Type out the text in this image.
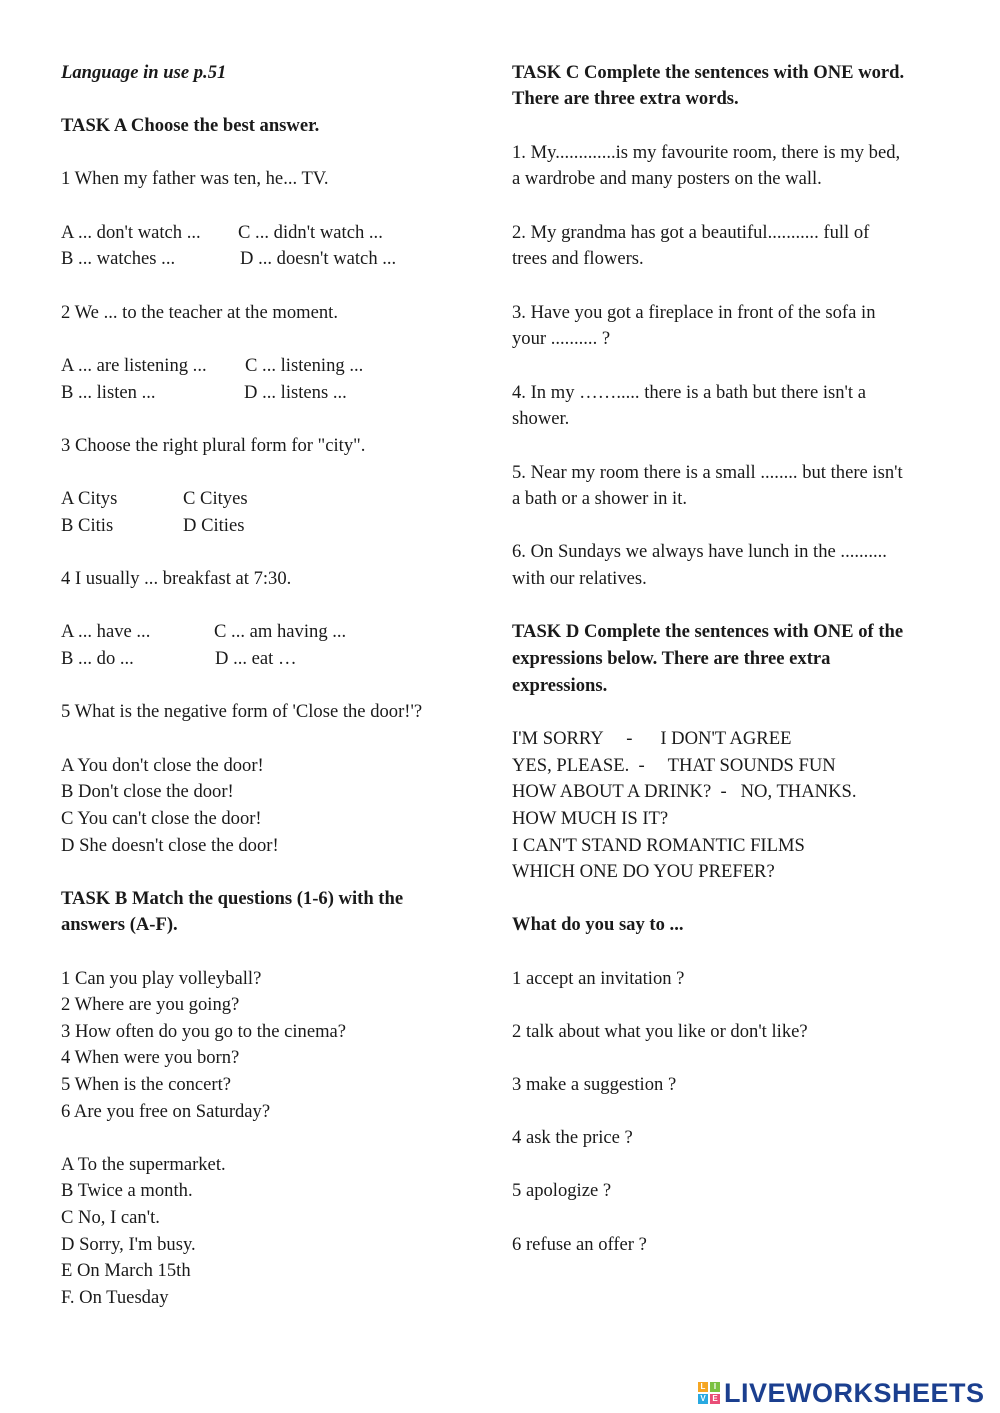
Language in use p.51
TASK A Choose the best answer.
1 When my father was ten, he... TV.
A ... don't watch ... C ... didn't watch ...
B ... watches ...	D ... doesn't watch ...
2 We ... to the teacher at the moment.
A ... are listening ... C ... listening ...
B ... listen ...	D ... listens ...
3 Choose the right plural form for "city".
A Citys	C Cityes
B Citis	D Cities
4 I usually ... breakfast at 7:30.
A ... have ...	C ... am having ...
B ... do ...	D ... eat …
5 What is the negative form of 'Close the door!'?
A You don't close the door!
B Don't close the door!
C You can't close the door!
D She doesn't close the door!
TASK B Match the questions (1-6) with the
answers (A-F).
1 Can you play volleyball?
2 Where are you going?
3 How often do you go to the cinema?
4 When were you born?
5 When is the concert?
6 Are you free on Saturday?
A To the supermarket.
B Twice a month.
C No, I can't.
D Sorry, I'm busy.
E On March 15th
F. On Tuesday
TASK C Complete the sentences with ONE word.
There are three extra words.
1. My.............is my favourite room, there is my bed,
a wardrobe and many posters on the wall.
2. My grandma has got a beautiful........... full of
trees and flowers.
3. Have you got a fireplace in front of the sofa in
your .......... ?
4. In my ……..... there is a bath but there isn't a
shower.
5. Near my room there is a small ........ but there isn't
a bath or a shower in it.
6. On Sundays we always have lunch in the ..........
with our relatives.
TASK D Complete the sentences with ONE of the
expressions below. There are three extra
expressions.
I'M SORRY     -      I DON'T AGREE
YES, PLEASE.  -     THAT SOUNDS FUN
HOW ABOUT A DRINK?  -   NO, THANKS.
HOW MUCH IS IT?
I CAN'T STAND ROMANTIC FILMS
WHICH ONE DO YOU PREFER?
What do you say to ...
1 accept an invitation ?
2 talk about what you like or don't like?
3 make a suggestion ?
4 ask the price ?
5 apologize ?
6 refuse an offer ?
L	I
V E LIVEWORKSHEETS
